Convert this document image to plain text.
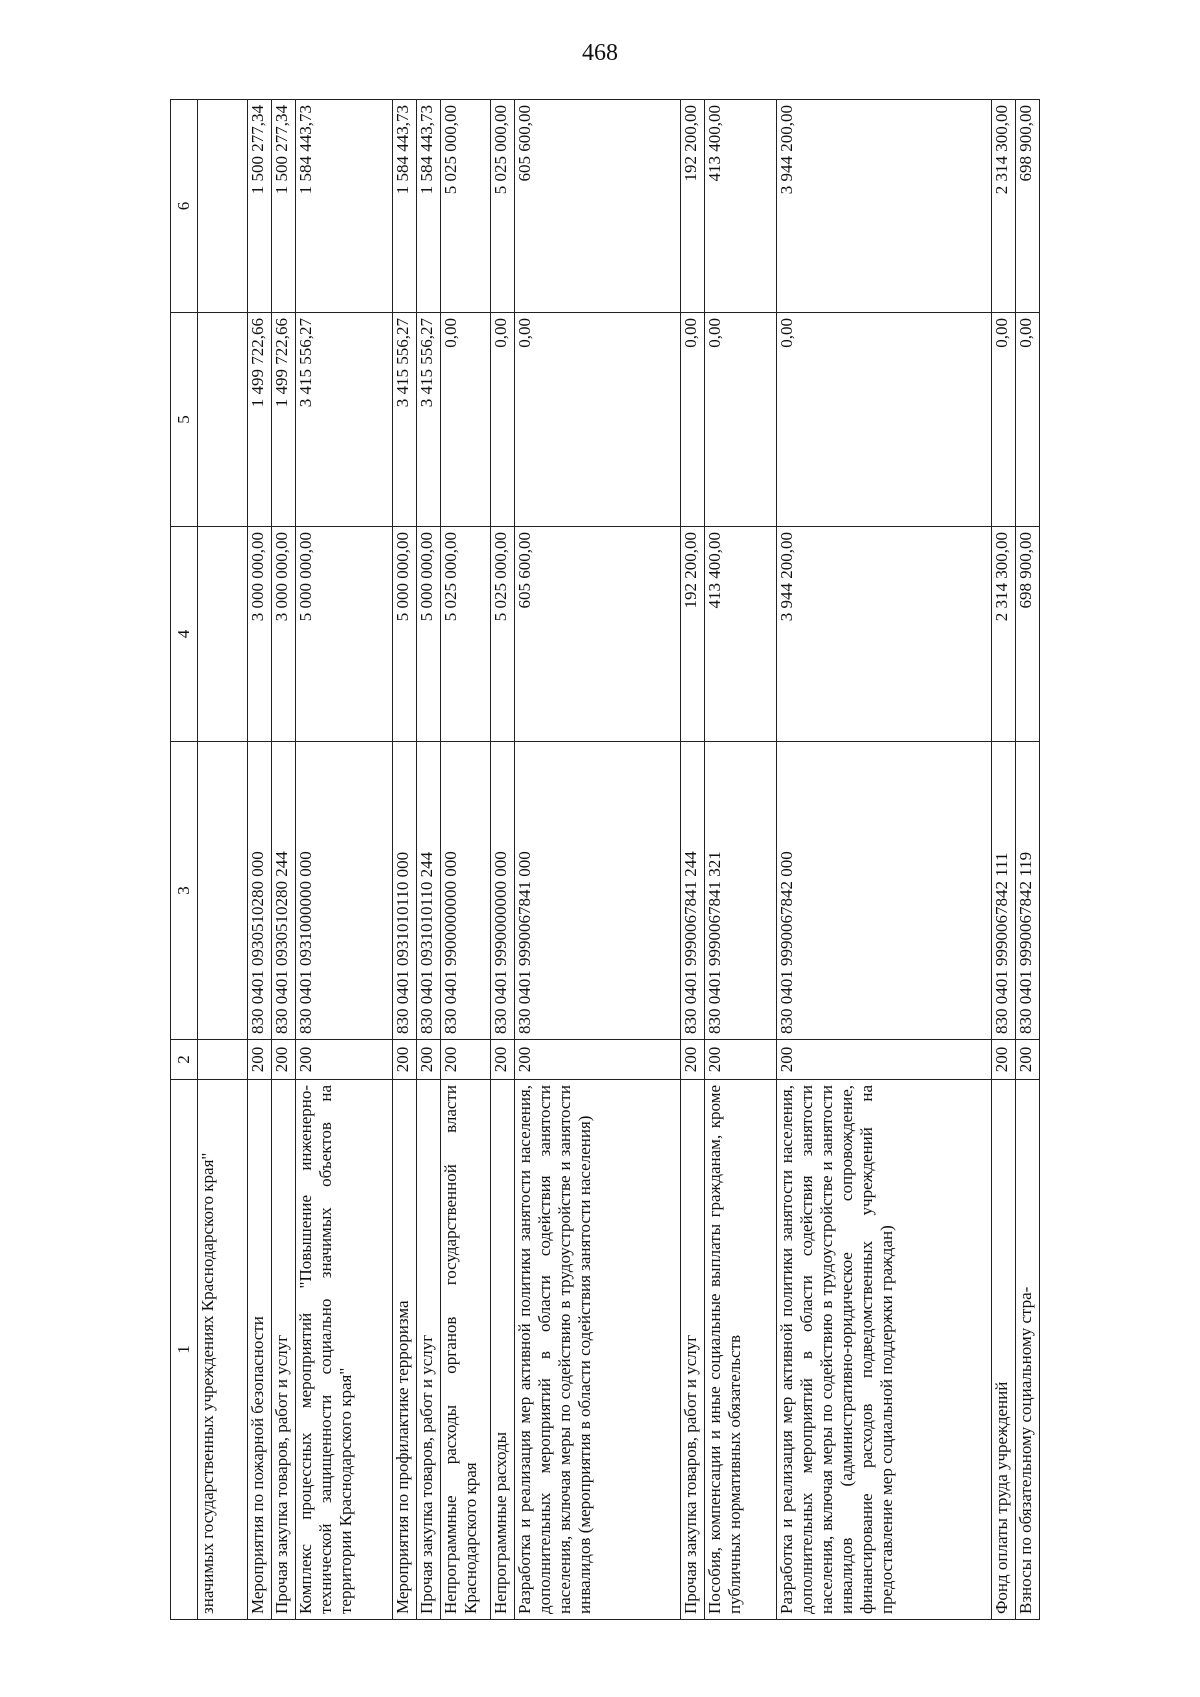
468
1	2	3	4	5	6
значимых государственных учреждениях Краснодарского края"					
Мероприятия по пожарной безопасности	200	830 0401 0930510280 000	3 000 000,00	1 499 722,66	1 500 277,34
Прочая закупка товаров, работ и услуг	200	830 0401 0930510280 244	3 000 000,00	1 499 722,66	1 500 277,34
Комплекс процессных мероприятий "Повышение инженерно-технической защищенности социально значимых объектов на территории Краснодарского края"	200	830 0401 0931000000 000	5 000 000,00	3 415 556,27	1 584 443,73
Мероприятия по профилактике терроризма	200	830 0401 0931010110 000	5 000 000,00	3 415 556,27	1 584 443,73
Прочая закупка товаров, работ и услуг	200	830 0401 0931010110 244	5 000 000,00	3 415 556,27	1 584 443,73
Непрограммные расходы органов государственной власти Краснодарского края	200	830 0401 9900000000 000	5 025 000,00	0,00	5 025 000,00
Непрограммные расходы	200	830 0401 9990000000 000	5 025 000,00	0,00	5 025 000,00
Разработка и реализация мер активной политики занятости населения, дополнительных мероприятий в области содействия занятости населения, включая меры по содействию в трудоустройстве и занятости инвалидов (мероприятия в области содействия занятости населения)	200	830 0401 9990067841 000	605 600,00	0,00	605 600,00
Прочая закупка товаров, работ и услуг	200	830 0401 9990067841 244	192 200,00	0,00	192 200,00
Пособия, компенсации и иные социальные выплаты гражданам, кроме публичных нормативных обязательств	200	830 0401 9990067841 321	413 400,00	0,00	413 400,00
Разработка и реализация мер активной политики занятости населения, дополнительных мероприятий в области содействия занятости населения, включая меры по содействию в трудоустройстве и занятости инвалидов (административно-юридическое сопровождение, финансирование расходов подведомственных учреждений на предоставление мер социальной поддержки граждан)	200	830 0401 9990067842 000	3 944 200,00	0,00	3 944 200,00
Фонд оплаты труда учреждений	200	830 0401 9990067842 111	2 314 300,00	0,00	2 314 300,00
Взносы по обязательному социальному стра-	200	830 0401 9990067842 119	698 900,00	0,00	698 900,00
